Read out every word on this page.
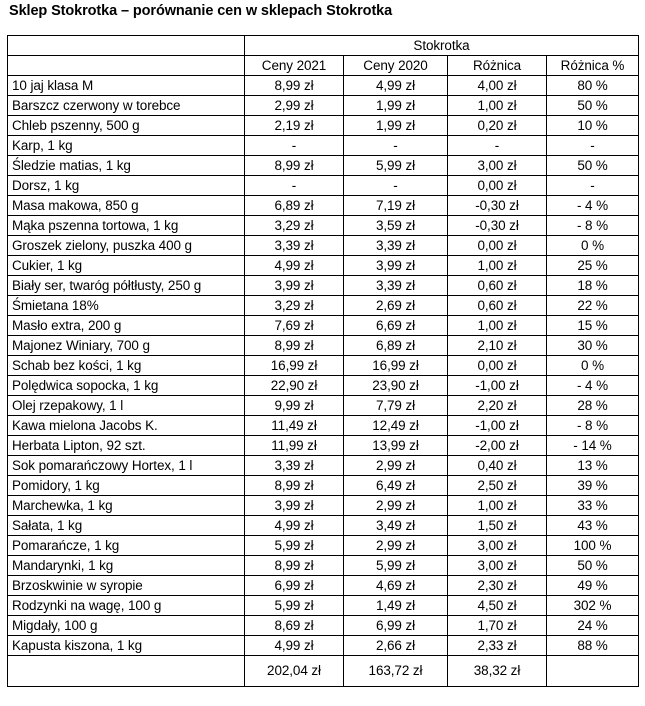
Sklep Stokrotka – porównanie cen w sklepach Stokrotka
	Stokrotka			
	Ceny 2021	Ceny 2020	Różnica	Różnica %
10 jaj klasa M	8,99 zł	4,99 zł	4,00 zł	80 %
Barszcz czerwony w torebce	2,99 zł	1,99 zł	1,00 zł	50 %
Chleb pszenny, 500 g	2,19 zł	1,99 zł	0,20 zł	10 %
Karp, 1 kg	-	-	-	-
Śledzie matias, 1 kg	8,99 zł	5,99 zł	3,00 zł	50 %
Dorsz, 1 kg	-	-	0,00 zł	-
Masa makowa, 850 g	6,89 zł	7,19 zł	-0,30 zł	- 4 %
Mąka pszenna tortowa, 1 kg	3,29 zł	3,59 zł	-0,30 zł	- 8 %
Groszek zielony, puszka 400 g	3,39 zł	3,39 zł	0,00 zł	0 %
Cukier, 1 kg	4,99 zł	3,99 zł	1,00 zł	25 %
Biały ser, twaróg półtłusty, 250 g	3,99 zł	3,39 zł	0,60 zł	18 %
Śmietana 18%	3,29 zł	2,69 zł	0,60 zł	22 %
Masło extra, 200 g	7,69 zł	6,69 zł	1,00 zł	15 %
Majonez Winiary, 700 g	8,99 zł	6,89 zł	2,10 zł	30 %
Schab bez kości, 1 kg	16,99 zł	16,99 zł	0,00 zł	0 %
Polędwica sopocka, 1 kg	22,90 zł	23,90 zł	-1,00 zł	- 4 %
Olej rzepakowy, 1 l	9,99 zł	7,79 zł	2,20 zł	28 %
Kawa mielona Jacobs K.	11,49 zł	12,49 zł	-1,00 zł	- 8 %
Herbata Lipton, 92 szt.	11,99 zł	13,99 zł	-2,00 zł	- 14 %
Sok pomarańczowy Hortex, 1 l	3,39 zł	2,99 zł	0,40 zł	13 %
Pomidory, 1 kg	8,99 zł	6,49 zł	2,50 zł	39 %
Marchewka, 1 kg	3,99 zł	2,99 zł	1,00 zł	33 %
Sałata, 1 kg	4,99 zł	3,49 zł	1,50 zł	43 %
Pomarańcze, 1 kg	5,99 zł	2,99 zł	3,00 zł	100 %
Mandarynki, 1 kg	8,99 zł	5,99 zł	3,00 zł	50 %
Brzoskwinie w syropie	6,99 zł	4,69 zł	2,30 zł	49 %
Rodzynki na wagę, 100 g	5,99 zł	1,49 zł	4,50 zł	302 %
Migdały, 100 g	8,69 zł	6,99 zł	1,70 zł	24 %
Kapusta kiszona, 1 kg	4,99 zł	2,66 zł	2,33 zł	88 %
	202,04 zł	163,72 zł	38,32 zł	
